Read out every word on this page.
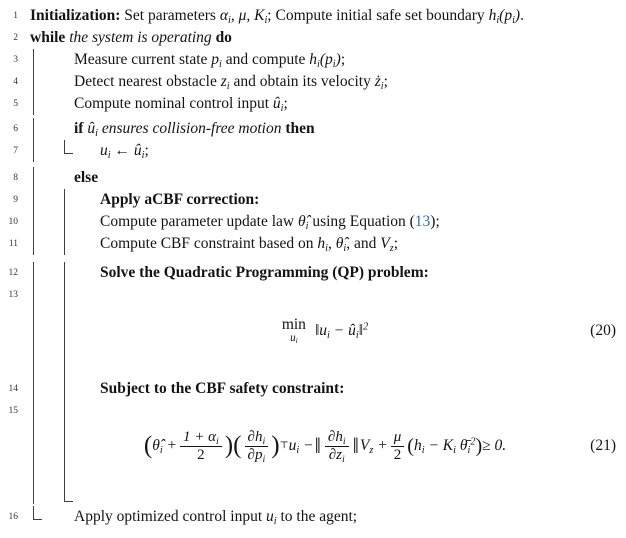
1 Initialization: Set parameters $\alpha_i$, μ, $K_i$; Compute initial safe set boundary $h_i(p_i)$.
2 while the system is operating do
3	Measure current state $p_i$ and compute $h_i(p_i)$;
4	Detect nearest obstacle $z_i$ and obtain its velocity $ż_i$;
5	Compute nominal control input $û_i$;
6	if $û_i$ ensures collision-free motion then
7	$u_i$ ← $û_i$;
8	else
9	Apply aCBF correction:
10	Compute parameter update law $\thetâ_i$ using Equation (13);
11	Compute CBF constraint based on $h_i$, $\thetâ_i$, and $V_z$;
12	Solve the Quadratic Programming (QP) problem:
13
min
$u_i$
$‖u_i$ − $û_i‖^2$	(20)
14	Subject to the CBF safety constraint:
15
( $\thetâ_i + \frac{1 + \alpha_i}{2}$ ) ( $\frac{\partial h_i}{\partial p_i}$ ) ⊤ $u_i$ − ‖ $\frac{\partial h_i}{\partial z_i}$ ‖ $V_z + \frac{\mu}{2}$ ( $h_i - K_i$ $\thetā_i^2$ ) ≥ 0.	(21)
16	Apply optimized control input $u_i$ to the agent;
